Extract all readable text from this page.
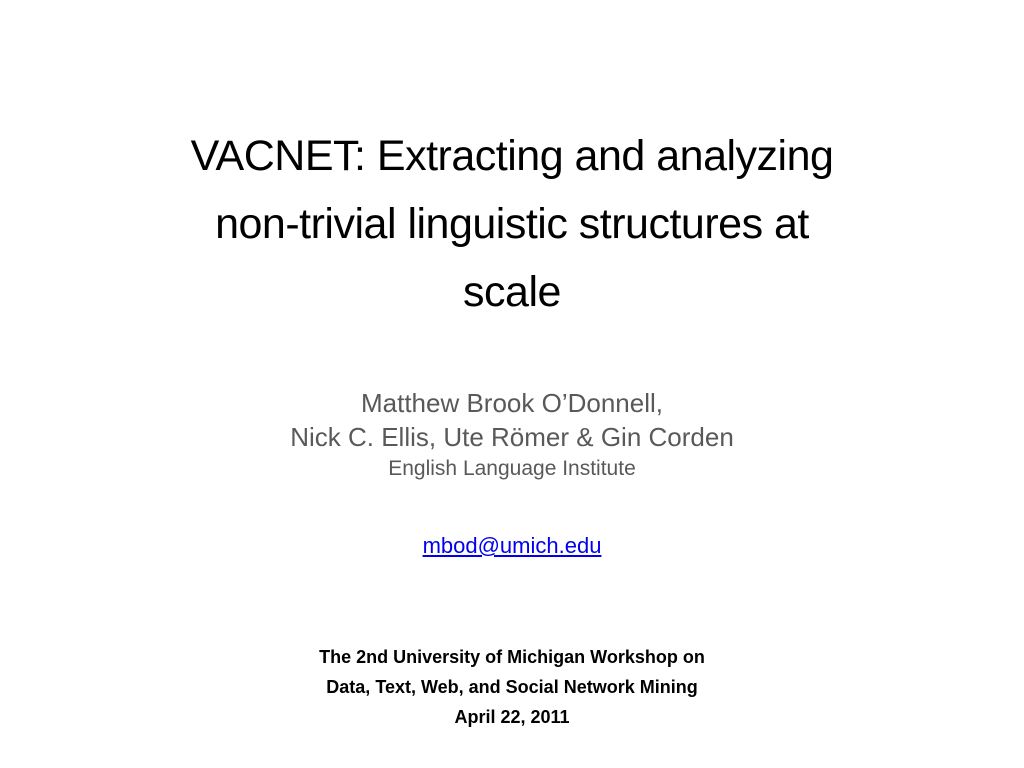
VACNET: Extracting and analyzing
non-trivial linguistic structures at
scale
Matthew Brook O’Donnell,
Nick C. Ellis, Ute Römer & Gin Corden
English Language Institute
mbod@umich.edu
The 2nd University of Michigan Workshop on
Data, Text, Web, and Social Network Mining
April 22, 2011
